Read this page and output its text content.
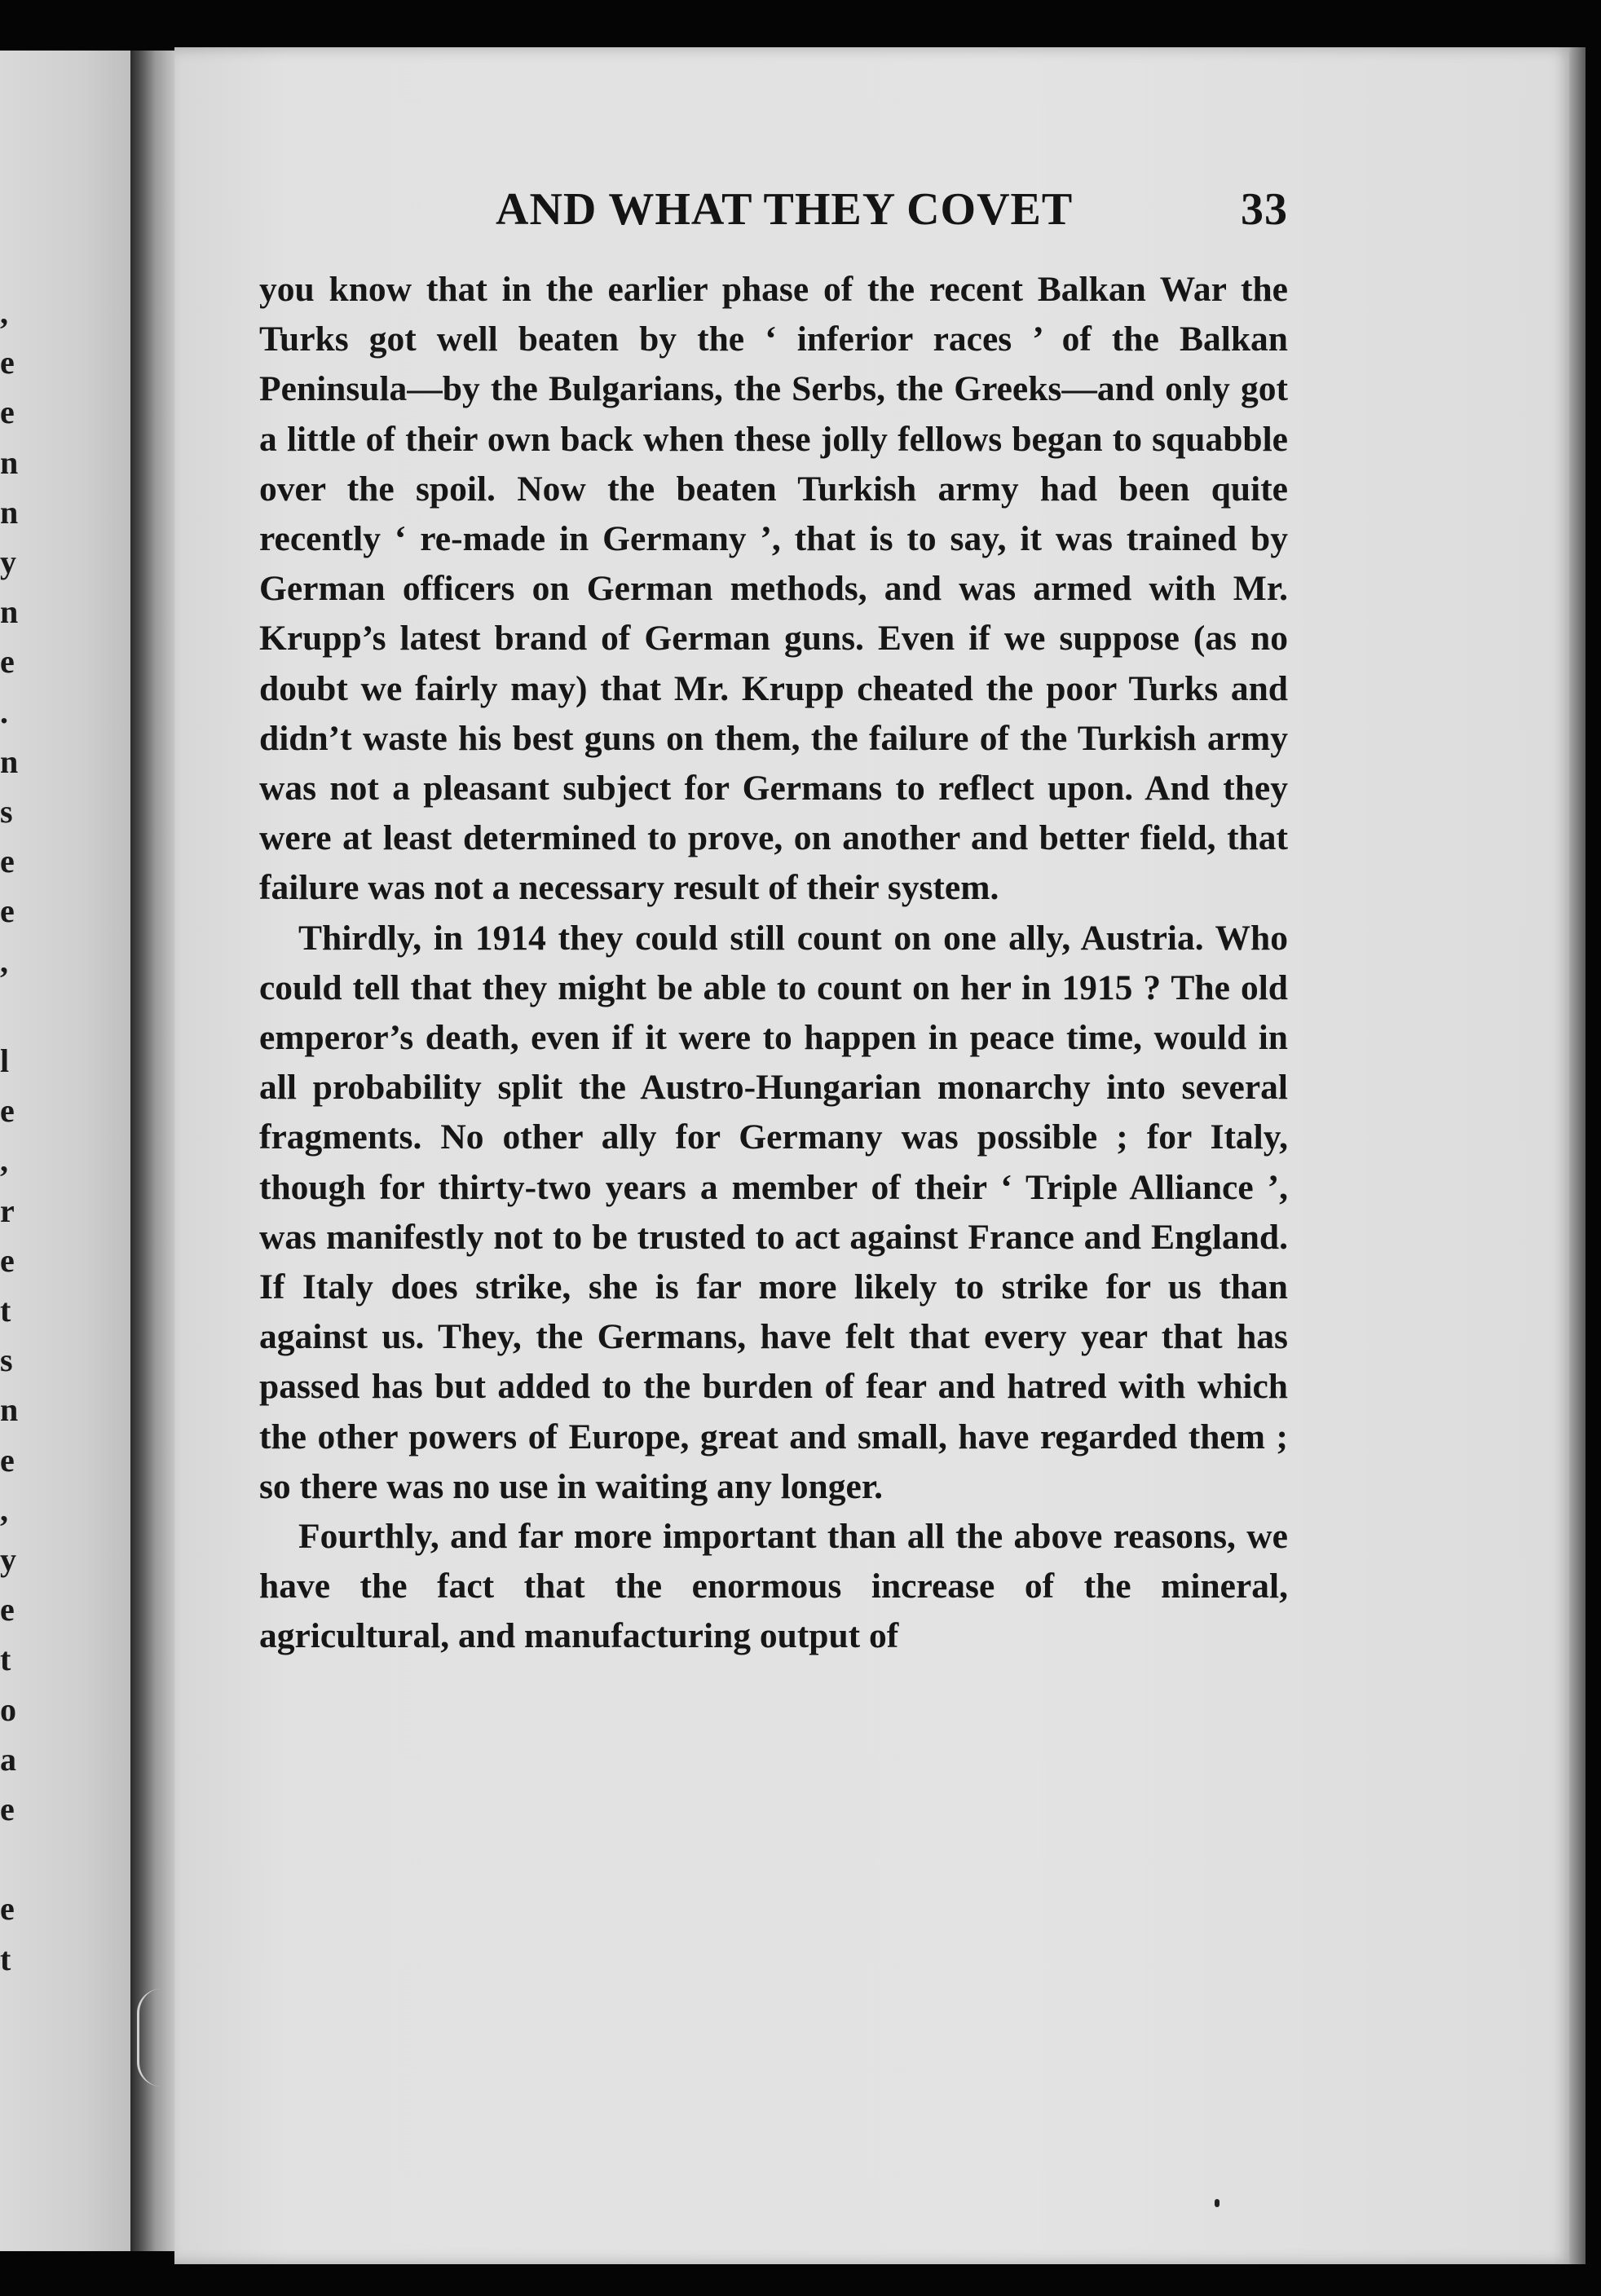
,
e
e
n
n
y
n
e
.
n
s
e
e
,
l
e
,
r
e
t
s
n
e
,
y
e
t
o
a
e
e
t
AND WHAT THEY COVET	33

you know that in the earlier phase of the recent Balkan War the Turks got well beaten by the ‘ inferior races ’ of the Balkan Peninsula—by the Bulgarians, the Serbs, the Greeks—and only got a little of their own back when these jolly fellows began to squabble over the spoil. Now the beaten Turkish army had been quite recently ‘ re-made in Germany ’, that is to say, it was trained by German officers on German methods, and was armed with Mr. Krupp’s latest brand of German guns. Even if we suppose (as no doubt we fairly may) that Mr. Krupp cheated the poor Turks and didn’t waste his best guns on them, the failure of the Turkish army was not a pleasant subject for Germans to reflect upon. And they were at least determined to prove, on another and better field, that failure was not a necessary result of their system.

Thirdly, in 1914 they could still count on one ally, Austria. Who could tell that they might be able to count on her in 1915 ? The old emperor’s death, even if it were to happen in peace time, would in all probability split the Austro-Hungarian monarchy into several fragments. No other ally for Germany was possible ; for Italy, though for thirty-two years a member of their ‘ Triple Alliance ’, was manifestly not to be trusted to act against France and England. If Italy does strike, she is far more likely to strike for us than against us. They, the Germans, have felt that every year that has passed has but added to the burden of fear and hatred with which the other powers of Europe, great and small, have regarded them ; so there was no use in waiting any longer.

Fourthly, and far more important than all the above reasons, we have the fact that the enormous increase of the mineral, agricultural, and manufacturing output of
